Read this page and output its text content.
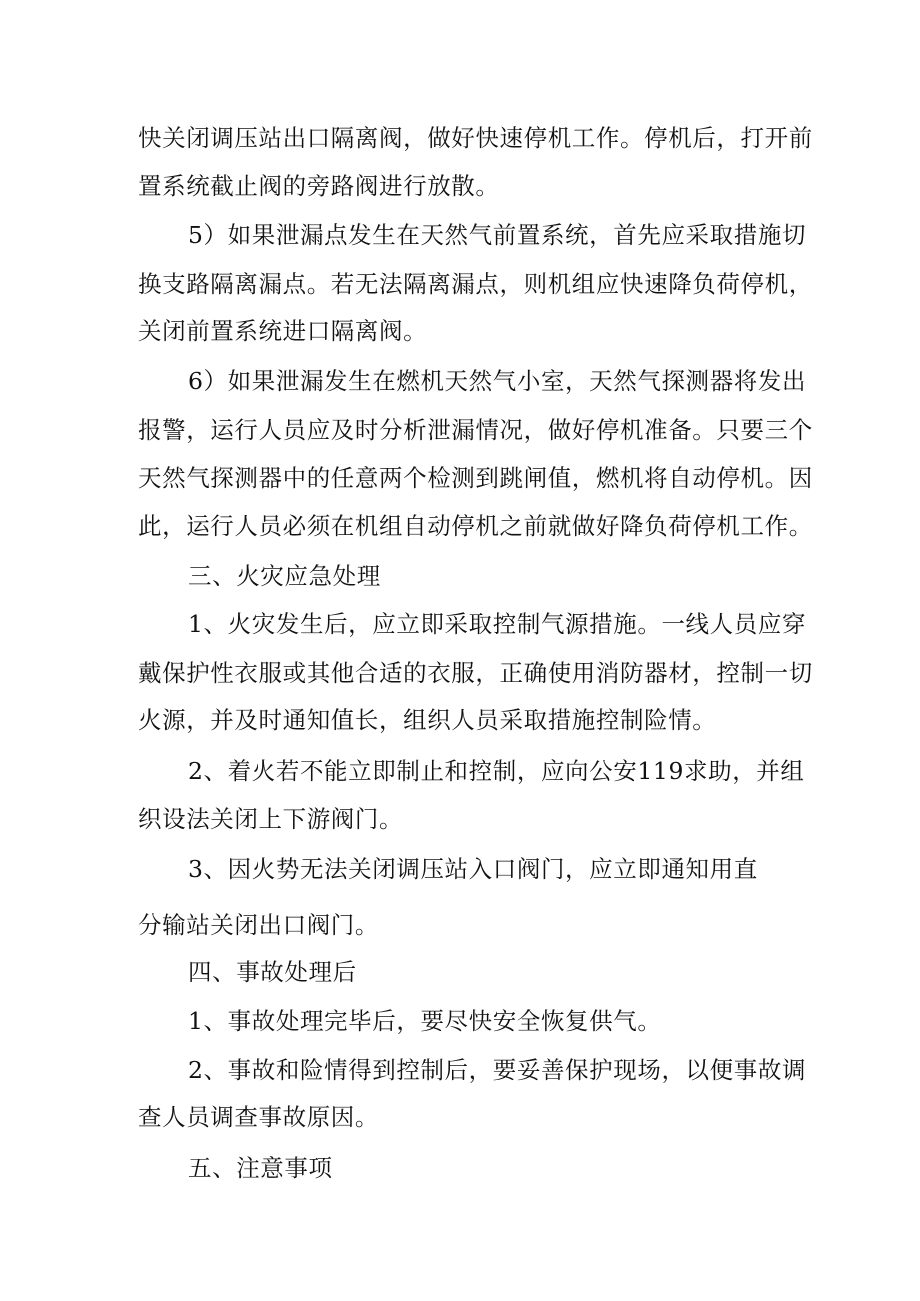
快关闭调压站出口隔离阀，做好快速停机工作。停机后，打开前
置系统截止阀的旁路阀进行放散。
5）如果泄漏点发生在天然气前置系统，首先应采取措施切
换支路隔离漏点。若无法隔离漏点，则机组应快速降负荷停机，
关闭前置系统进口隔离阀。
6）如果泄漏发生在燃机天然气小室，天然气探测器将发出
报警，运行人员应及时分析泄漏情况，做好停机准备。只要三个
天然气探测器中的任意两个检测到跳闸值，燃机将自动停机。因
此，运行人员必须在机组自动停机之前就做好降负荷停机工作。
三、火灾应急处理
1、火灾发生后，应立即采取控制气源措施。一线人员应穿
戴保护性衣服或其他合适的衣服，正确使用消防器材，控制一切
火源，并及时通知值长，组织人员采取措施控制险情。
2、着火若不能立即制止和控制，应向公安119求助，并组
织设法关闭上下游阀门。
3、因火势无法关闭调压站入口阀门，应立即通知用直
分输站关闭出口阀门。
四、事故处理后
1、事故处理完毕后，要尽快安全恢复供气。
2、事故和险情得到控制后，要妥善保护现场，以便事故调
查人员调查事故原因。
五、注意事项
